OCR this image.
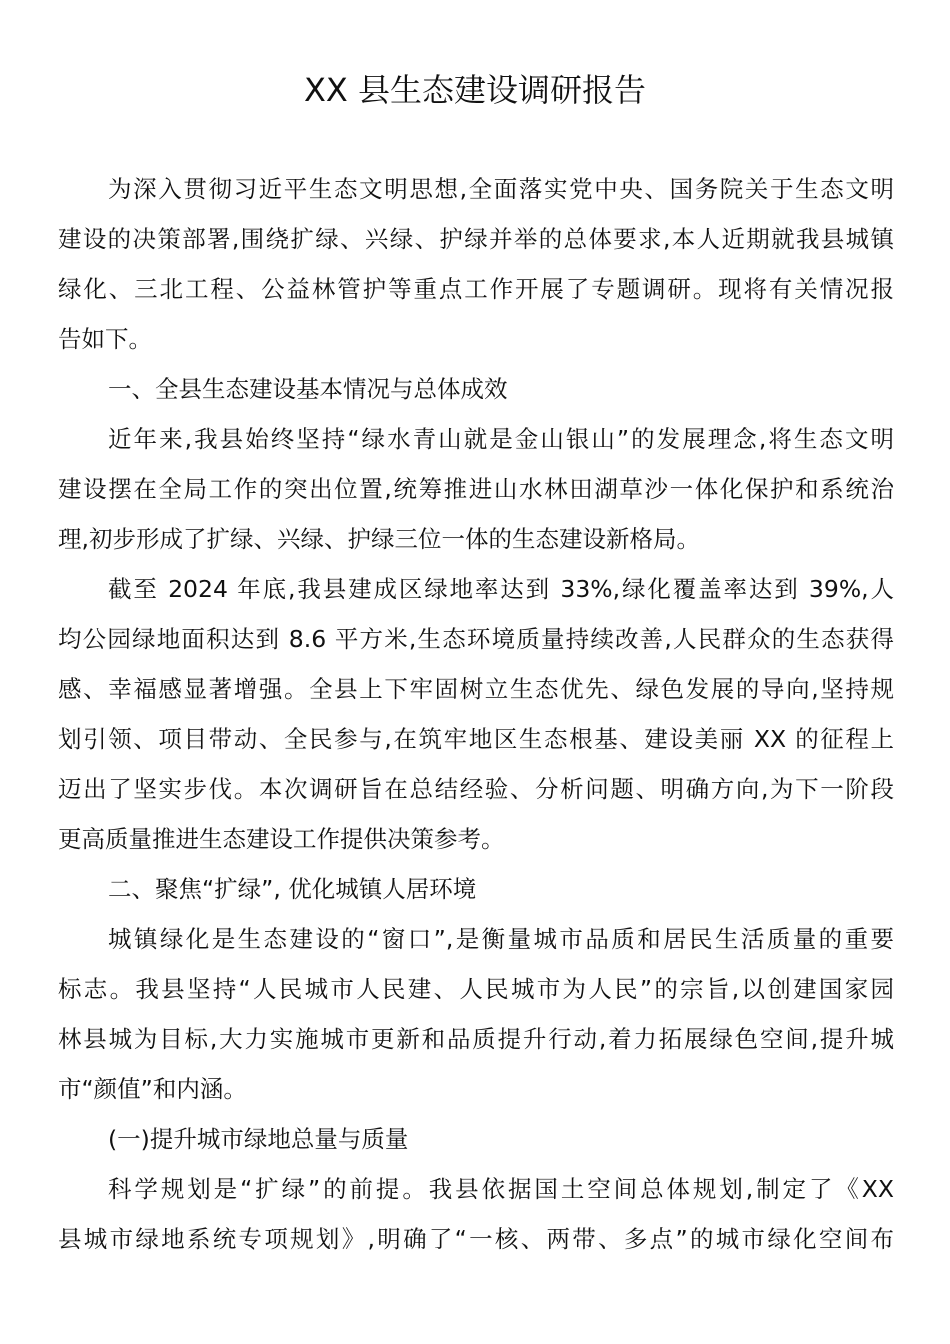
XX 县生态建设调研报告
为深入贯彻习近平生态文明思想,全面落实党中央、国务院关于生态文明
建设的决策部署,围绕扩绿、兴绿、护绿并举的总体要求,本人近期就我县城镇
绿化、三北工程、公益林管护等重点工作开展了专题调研。现将有关情况报
告如下。
一、全县生态建设基本情况与总体成效
近年来,我县始终坚持“绿水青山就是金山银山”的发展理念,将生态文明
建设摆在全局工作的突出位置,统筹推进山水林田湖草沙一体化保护和系统治
理,初步形成了扩绿、兴绿、护绿三位一体的生态建设新格局。
截至 2024 年底,我县建成区绿地率达到 33%,绿化覆盖率达到 39%,人
均公园绿地面积达到 8.6 平方米,生态环境质量持续改善,人民群众的生态获得
感、幸福感显著增强。全县上下牢固树立生态优先、绿色发展的导向,坚持规
划引领、项目带动、全民参与,在筑牢地区生态根基、建设美丽 XX 的征程上
迈出了坚实步伐。本次调研旨在总结经验、分析问题、明确方向,为下一阶段
更高质量推进生态建设工作提供决策参考。
二、聚焦“扩绿”, 优化城镇人居环境
城镇绿化是生态建设的“窗口”,是衡量城市品质和居民生活质量的重要
标志。我县坚持“人民城市人民建、人民城市为人民”的宗旨,以创建国家园
林县城为目标,大力实施城市更新和品质提升行动,着力拓展绿色空间,提升城
市“颜值”和内涵。
(一)提升城市绿地总量与质量
科学规划是“扩绿”的前提。我县依据国土空间总体规划,制定了《XX
县城市绿地系统专项规划》,明确了“一核、两带、多点”的城市绿化空间布
